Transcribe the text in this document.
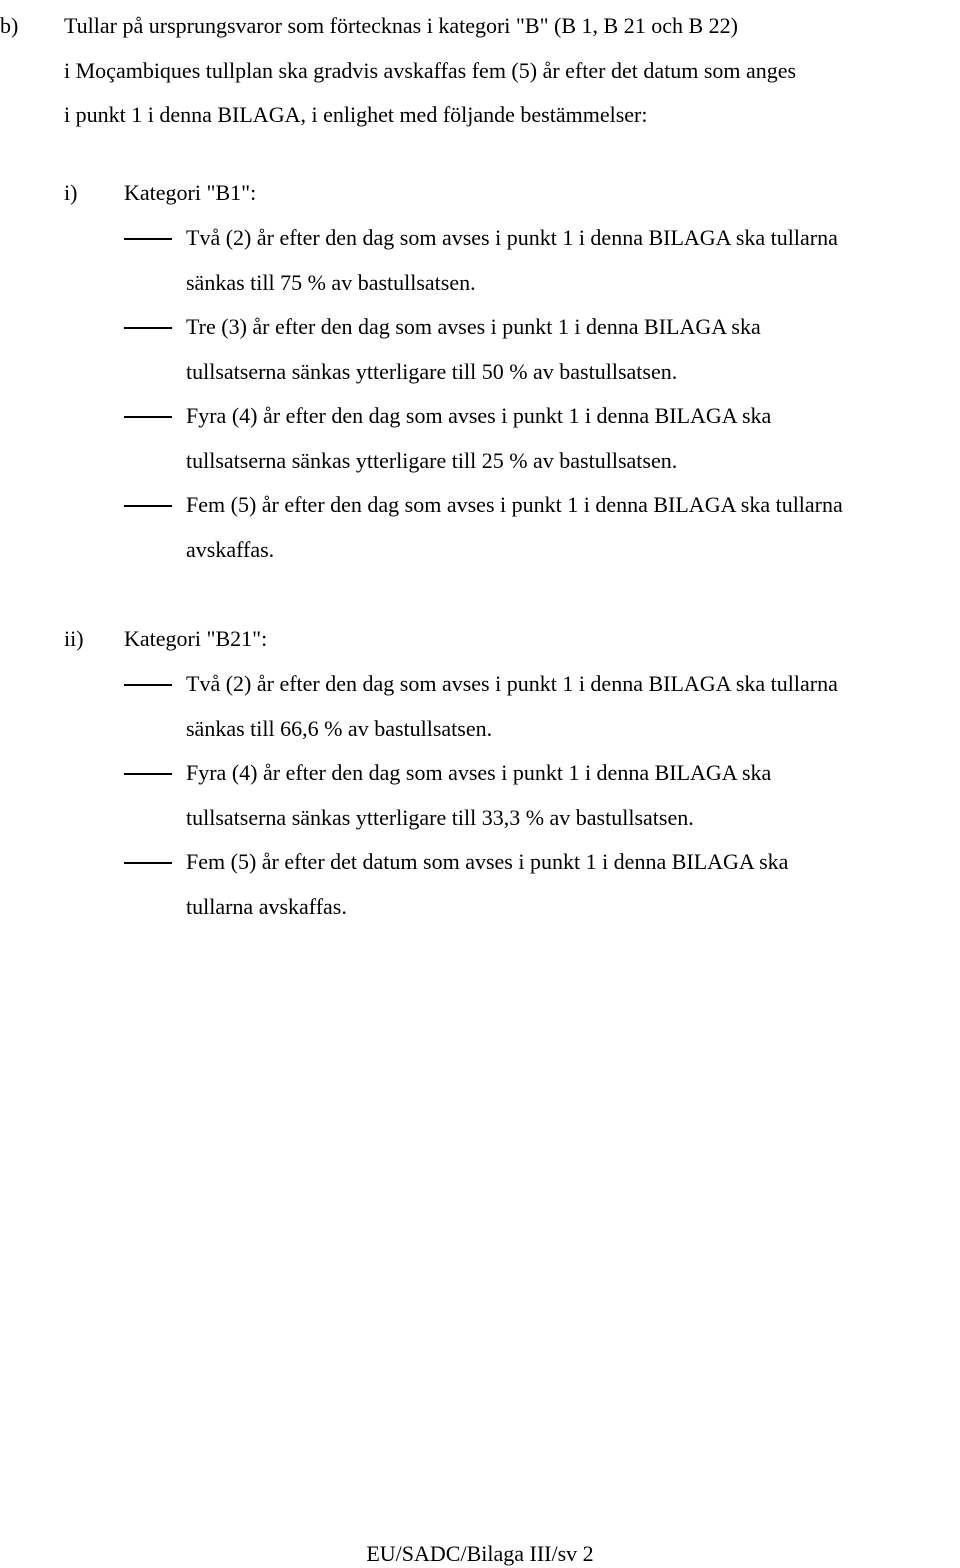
b) Tullar på ursprungsvaror som förtecknas i kategori "B" (B 1, B 21 och B 22)
i Moçambiques tullplan ska gradvis avskaffas fem (5) år efter det datum som anges
i punkt 1 i denna BILAGA, i enlighet med följande bestämmelser:
i) Kategori "B1":
Två (2) år efter den dag som avses i punkt 1 i denna BILAGA ska tullarna
sänkas till 75 % av bastullsatsen.
Tre (3) år efter den dag som avses i punkt 1 i denna BILAGA ska
tullsatserna sänkas ytterligare till 50 % av bastullsatsen.
Fyra (4) år efter den dag som avses i punkt 1 i denna BILAGA ska
tullsatserna sänkas ytterligare till 25 % av bastullsatsen.
Fem (5) år efter den dag som avses i punkt 1 i denna BILAGA ska tullarna
avskaffas.
ii) Kategori "B21":
Två (2) år efter den dag som avses i punkt 1 i denna BILAGA ska tullarna
sänkas till 66,6 % av bastullsatsen.
Fyra (4) år efter den dag som avses i punkt 1 i denna BILAGA ska
tullsatserna sänkas ytterligare till 33,3 % av bastullsatsen.
Fem (5) år efter det datum som avses i punkt 1 i denna BILAGA ska
tullarna avskaffas.
EU/SADC/Bilaga III/sv 2
